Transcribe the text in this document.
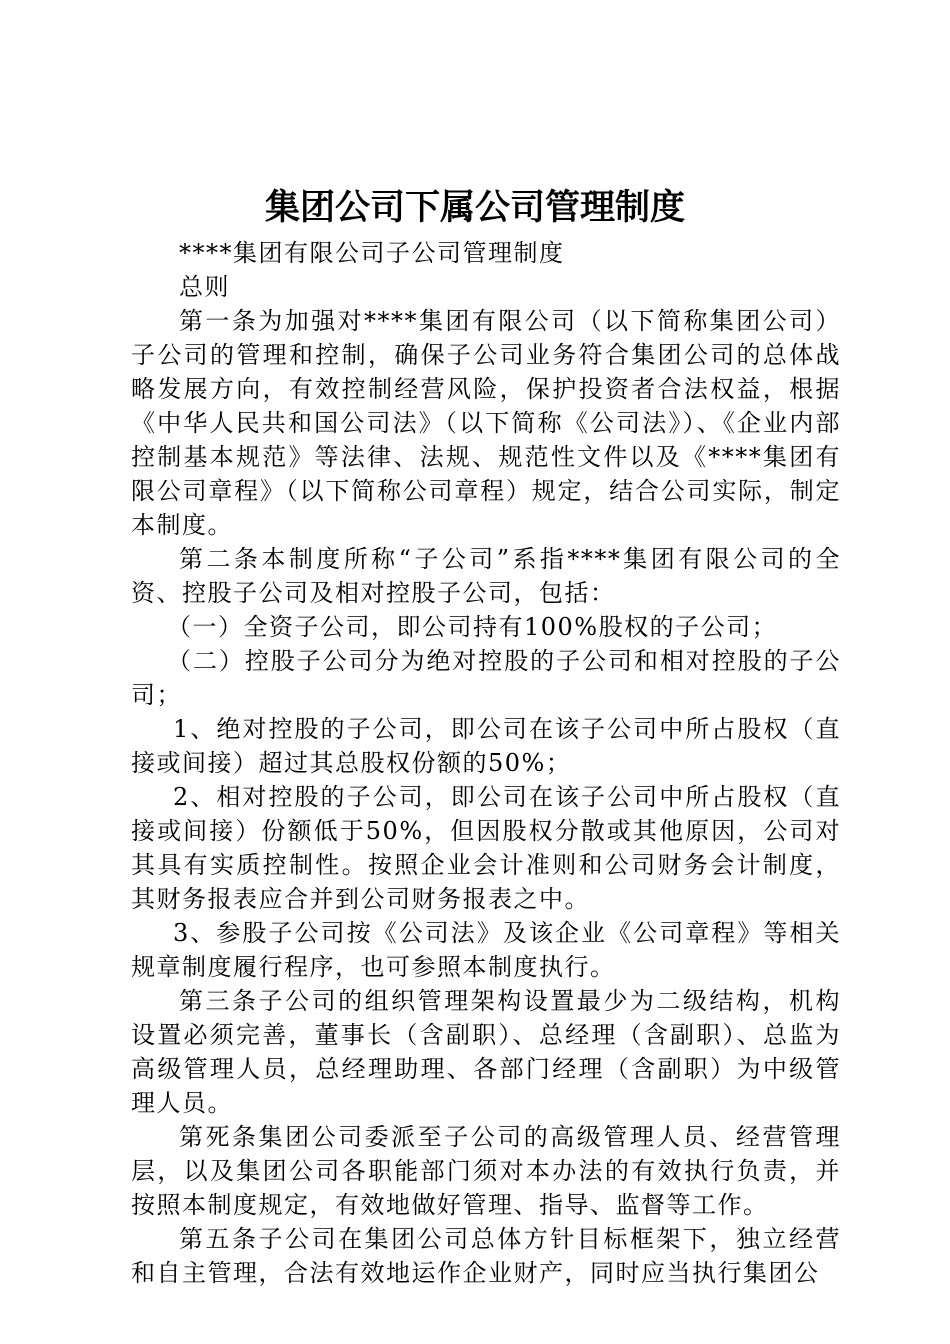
集团公司下属公司管理制度

****集团有限公司子公司管理制度

总则

第一条为加强对****集团有限公司（以下简称集团公司）子公司的管理和控制，确保子公司业务符合集团公司的总体战略发展方向，有效控制经营风险，保护投资者合法权益，根据《中华人民共和国公司法》（以下简称《公司法》）、《企业内部控制基本规范》等法律、法规、规范性文件以及《****集团有限公司章程》（以下简称公司章程）规定，结合公司实际，制定本制度。

第二条本制度所称“子公司”系指****集团有限公司的全资、控股子公司及相对控股子公司，包括：

（一）全资子公司，即公司持有100%股权的子公司；

（二）控股子公司分为绝对控股的子公司和相对控股的子公司；

1、绝对控股的子公司，即公司在该子公司中所占股权（直接或间接）超过其总股权份额的50%；

2、相对控股的子公司，即公司在该子公司中所占股权（直接或间接）份额低于50%，但因股权分散或其他原因，公司对其具有实质控制性。按照企业会计准则和公司财务会计制度，其财务报表应合并到公司财务报表之中。

3、参股子公司按《公司法》及该企业《公司章程》等相关规章制度履行程序，也可参照本制度执行。

第三条子公司的组织管理架构设置最少为二级结构，机构设置必须完善，董事长（含副职）、总经理（含副职）、总监为高级管理人员，总经理助理、各部门经理（含副职）为中级管理人员。

第死条集团公司委派至子公司的高级管理人员、经营管理层，以及集团公司各职能部门须对本办法的有效执行负责，并按照本制度规定，有效地做好管理、指导、监督等工作。

第五条子公司在集团公司总体方针目标框架下，独立经营和自主管理，合法有效地运作企业财产，同时应当执行集团公
